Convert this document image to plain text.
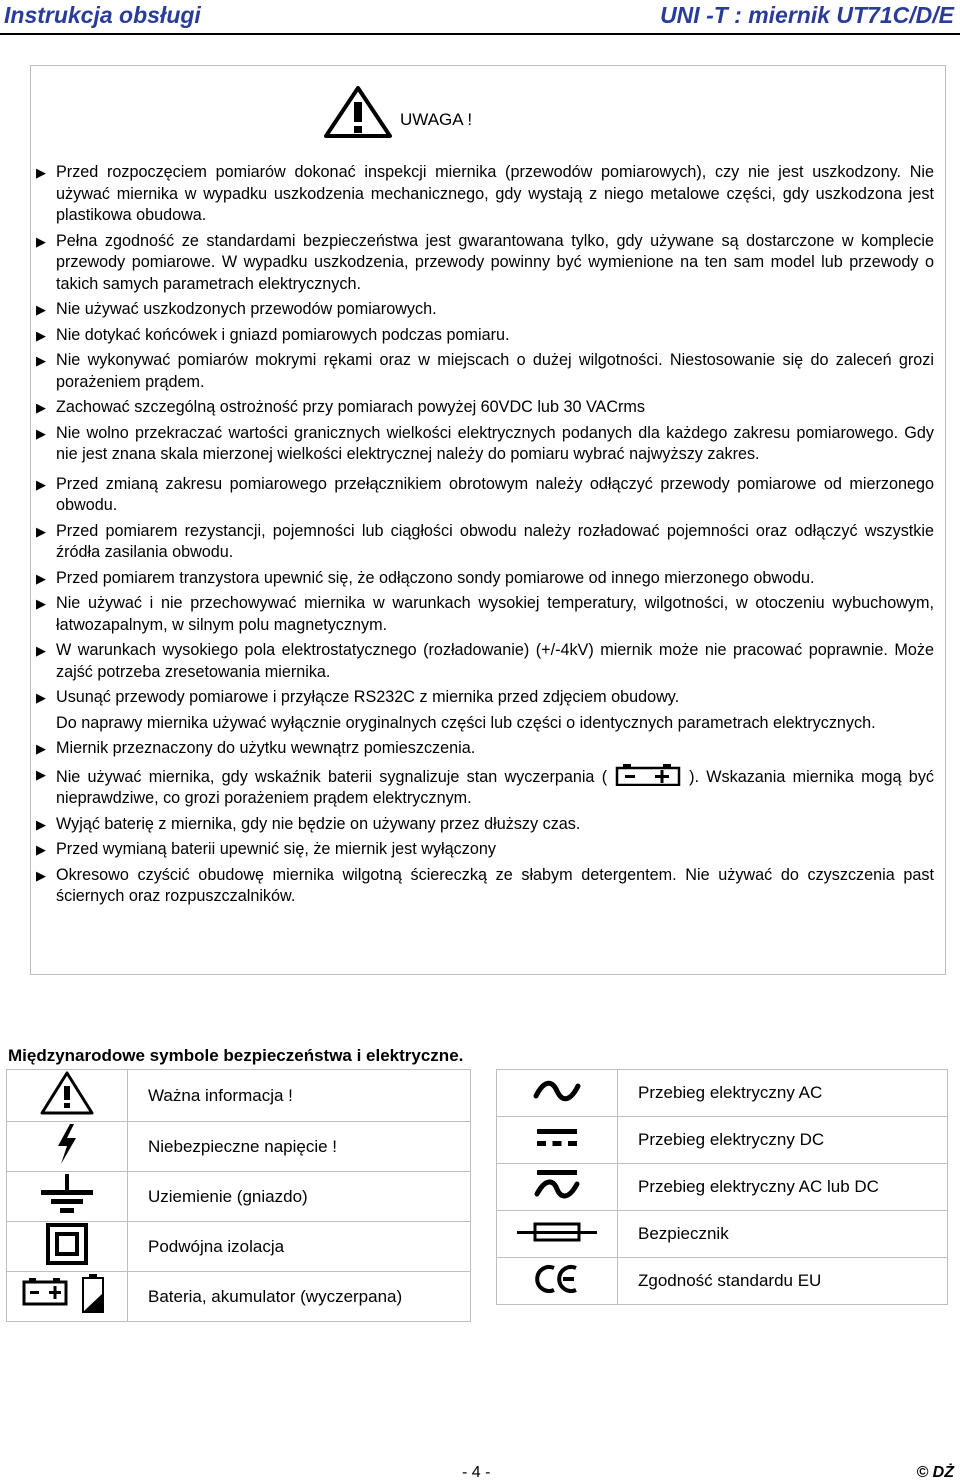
Instrukcja obsługi	UNI -T : miernik UT71C/D/E
UWAGA !
▶ Przed rozpoczęciem pomiarów dokonać inspekcji miernika (przewodów pomiarowych), czy nie jest uszkodzony. Nie używać miernika w wypadku uszkodzenia mechanicznego, gdy wystają z niego metalowe części, gdy uszkodzona jest plastikowa obudowa.
▶ Pełna zgodność ze standardami bezpieczeństwa jest gwarantowana tylko, gdy używane są dostarczone w komplecie przewody pomiarowe. W wypadku uszkodzenia, przewody powinny być wymienione na ten sam model lub przewody o takich samych parametrach elektrycznych.
▶ Nie używać uszkodzonych przewodów pomiarowych.
▶ Nie dotykać końcówek i gniazd pomiarowych podczas pomiaru.
▶ Nie wykonywać pomiarów mokrymi rękami oraz w miejscach o dużej wilgotności. Niestosowanie się do zaleceń grozi porażeniem prądem.
▶ Zachować szczególną ostrożność przy pomiarach powyżej 60VDC lub 30 VACrms
▶ Nie wolno przekraczać wartości granicznych wielkości elektrycznych podanych dla każdego zakresu pomiarowego. Gdy nie jest znana skala mierzonej wielkości elektrycznej należy do pomiaru wybrać najwyższy zakres.
▶ Przed zmianą zakresu pomiarowego przełącznikiem obrotowym należy odłączyć przewody pomiarowe od mierzonego obwodu.
▶ Przed pomiarem rezystancji, pojemności lub ciągłości obwodu należy rozładować pojemności oraz odłączyć wszystkie źródła zasilania obwodu.
▶ Przed pomiarem tranzystora upewnić się, że odłączono sondy pomiarowe od innego mierzonego obwodu.
▶ Nie używać i nie przechowywać miernika w warunkach wysokiej temperatury, wilgotności, w otoczeniu wybuchowym, łatwozapalnym, w silnym polu magnetycznym.
▶ W warunkach wysokiego pola elektrostatycznego (rozładowanie) (+/-4kV) miernik może nie pracować poprawnie. Może zajść potrzeba zresetowania miernika.
▶ Usunąć przewody pomiarowe i przyłącze RS232C z miernika przed zdjęciem obudowy.
Do naprawy miernika używać wyłącznie oryginalnych części lub części o identycznych parametrach elektrycznych.
▶ Miernik przeznaczony do użytku wewnątrz pomieszczenia.
▶ Nie używać miernika, gdy wskaźnik baterii sygnalizuje stan wyczerpania (	). Wskazania miernika mogą być nieprawdziwe, co grozi porażeniem prądem elektrycznym.
▶ Wyjąć baterię z miernika, gdy nie będzie on używany przez dłuższy czas.
▶ Przed wymianą baterii upewnić się, że miernik jest wyłączony
▶ Okresowo czyścić obudowę miernika wilgotną ściereczką ze słabym detergentem. Nie używać do czyszczenia past ściernych oraz rozpuszczalników.
Międzynarodowe symbole bezpieczeństwa i elektryczne.
	Ważna informacja !
	Niebezpieczne napięcie !
	Uziemienie (gniazdo)
	Podwójna izolacja
	Bateria, akumulator (wyczerpana)
	Przebieg elektryczny AC
	Przebieg elektryczny DC
	Przebieg elektryczny AC lub DC
	Bezpiecznik
	Zgodność standardu EU
- 4 -	© DŻ
